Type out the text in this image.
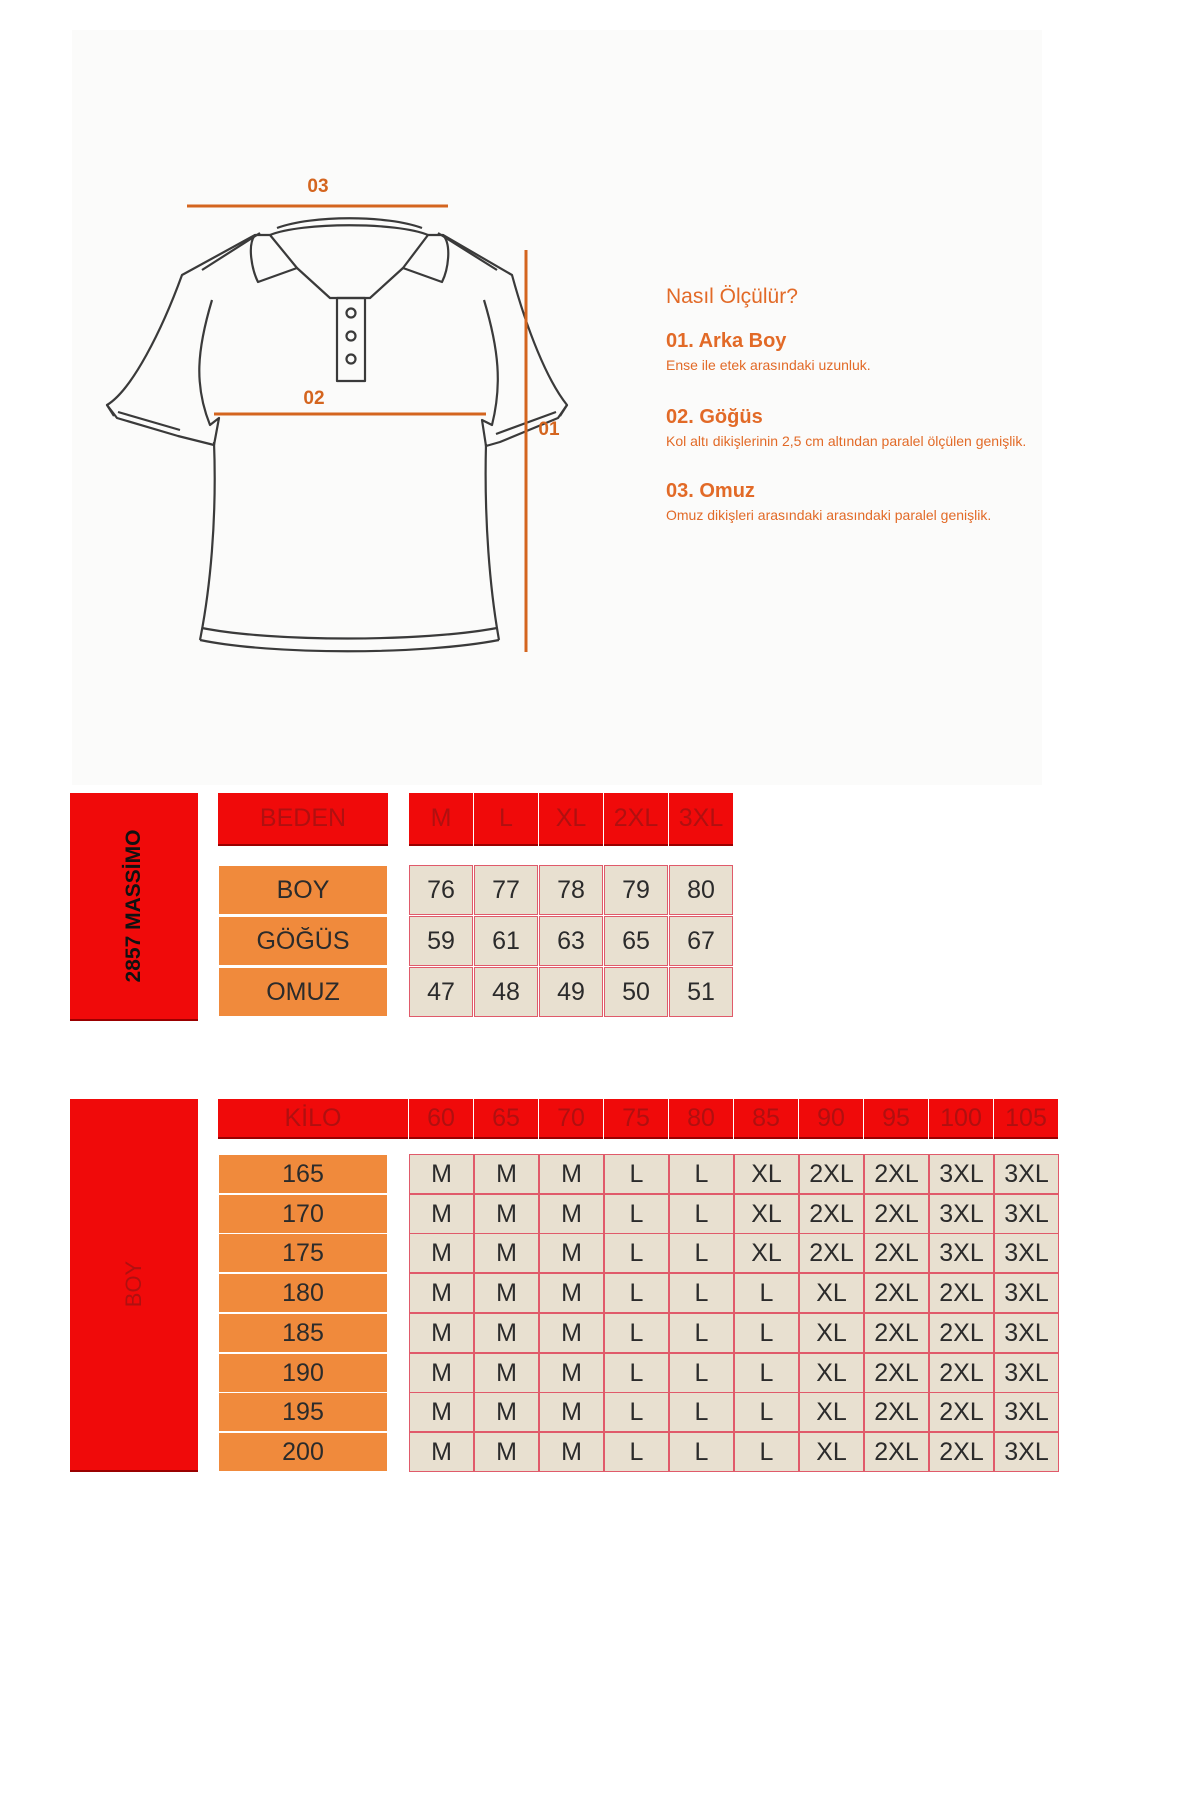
03
02
01
Nasıl Ölçülür?
01. Arka Boy
Ense ile etek arasındaki uzunluk.
02. Göğüs
Kol altı dikişlerinin 2,5 cm altından paralel ölçülen genişlik.
03. Omuz
Omuz dikişleri arasındaki arasındaki paralel genişlik.
2857 MASSİMO
BEDEN	M	L	XL	2XL 3XL
BOY	76	77	78	79	80
GÖĞÜS	59	61	63	65	67
OMUZ	47	48	49	50	51
BOY
KİLO	60	65	70	75	80	85	90	95	100 105
165	M	M	M	L	L	XL	2XL 2XL 3XL 3XL
170	M	M	M	L	L	XL	2XL 2XL 3XL 3XL
175	M	M	M	L	L	XL	2XL 2XL 3XL 3XL
180	M	M	M	L	L	L	XL	2XL 2XL 3XL
185	M	M	M	L	L	L	XL	2XL 2XL 3XL
190	M	M	M	L	L	L	XL	2XL 2XL 3XL
195	M	M	M	L	L	L	XL	2XL 2XL 3XL
200	M	M	M	L	L	L	XL	2XL 2XL 3XL
